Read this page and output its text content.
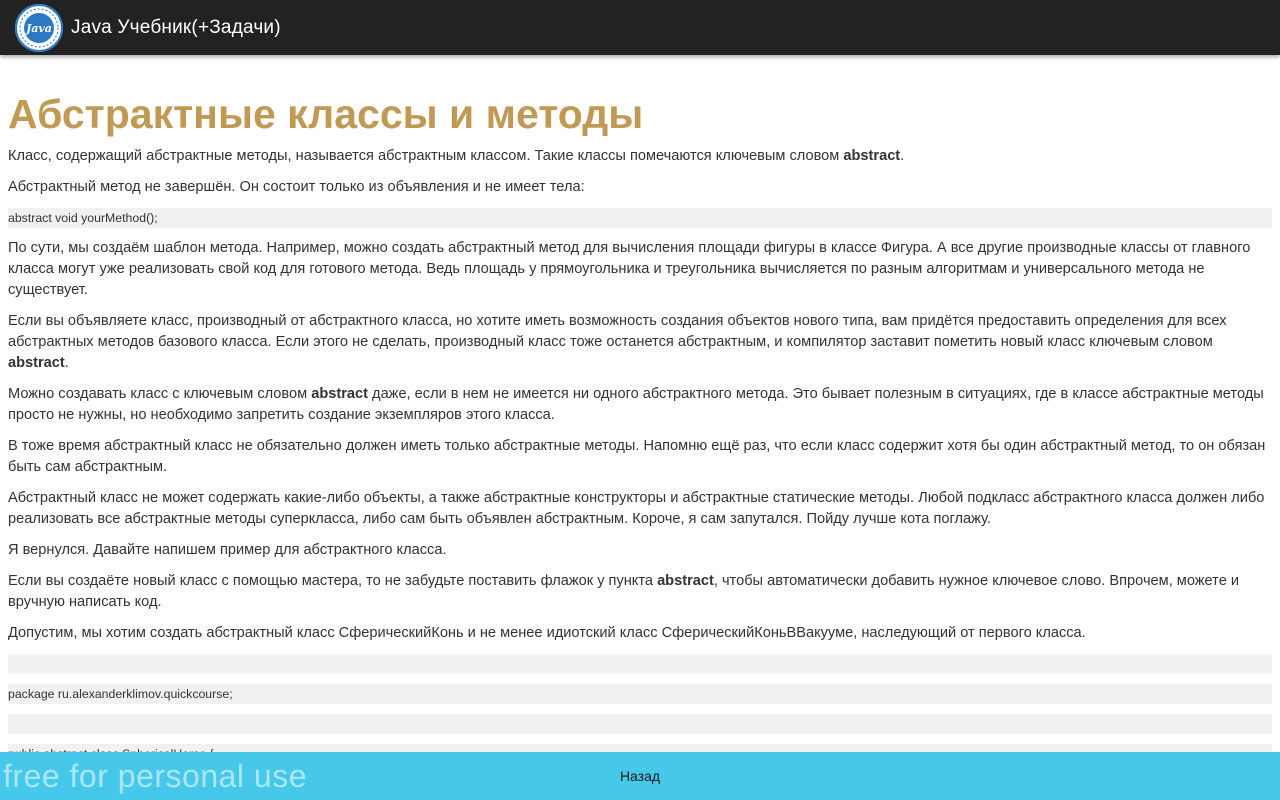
Java Java Учебник(+Задачи)
Абстрактные классы и методы

Класс, содержащий абстрактные методы, называется абстрактным классом. Такие классы помечаются ключевым словом abstract.

Абстрактный метод не завершён. Он состоит только из объявления и не имеет тела:

abstract void yourMethod();

По сути, мы создаём шаблон метода. Например, можно создать абстрактный метод для вычисления площади фигуры в классе Фигура. А все другие производные классы от главного класса могут уже реализовать свой код для готового метода. Ведь площадь у прямоугольника и треугольника вычисляется по разным алгоритмам и универсального метода не существует.

Если вы объявляете класс, производный от абстрактного класса, но хотите иметь возможность создания объектов нового типа, вам придётся предоставить определения для всех абстрактных методов базового класса. Если этого не сделать, производный класс тоже останется абстрактным, и компилятор заставит пометить новый класс ключевым словом abstract.

Можно создавать класс с ключевым словом abstract даже, если в нем не имеется ни одного абстрактного метода. Это бывает полезным в ситуациях, где в классе абстрактные методы просто не нужны, но необходимо запретить создание экземпляров этого класса.

В тоже время абстрактный класс не обязательно должен иметь только абстрактные методы. Напомню ещё раз, что если класс содержит хотя бы один абстрактный метод, то он обязан быть сам абстрактным.

Абстрактный класс не может содержать какие-либо объекты, а также абстрактные конструкторы и абстрактные статические методы. Любой подкласс абстрактного класса должен либо реализовать все абстрактные методы суперкласса, либо сам быть объявлен абстрактным. Короче, я сам запутался. Пойду лучше кота поглажу.

Я вернулся. Давайте напишем пример для абстрактного класса.

Если вы создаёте новый класс с помощью мастера, то не забудьте поставить флажок у пункта abstract, чтобы автоматически добавить нужное ключевое слово. Впрочем, можете и вручную написать код.

Допустим, мы хотим создать абстрактный класс СферическийКонь и не менее идиотский класс СферическийКоньВВакууме, наследующий от первого класса.

package ru.alexanderklimov.quickcourse;
free for personal use	Назад
